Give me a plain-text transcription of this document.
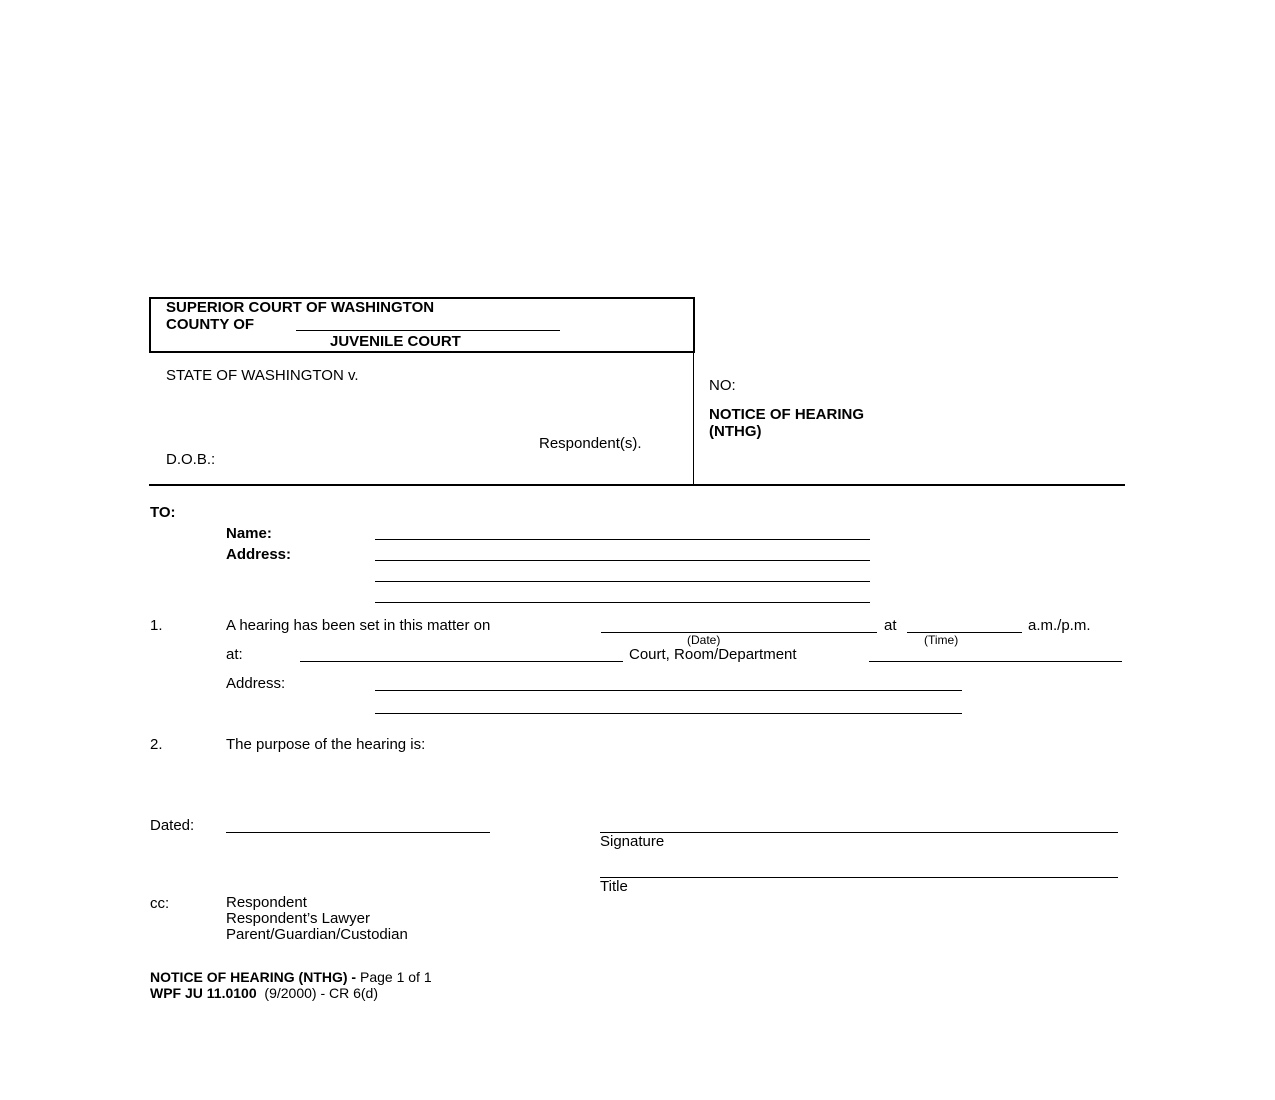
SUPERIOR COURT OF WASHINGTON
COUNTY OF
JUVENILE COURT
STATE OF WASHINGTON v.
Respondent(s).
D.O.B.:
NO:
NOTICE OF HEARING
(NTHG)
TO:
Name:
Address:
1.	A hearing has been set in this matter on	at	a.m./p.m.
(Date)	(Time)
at:	Court, Room/Department
Address:
2.	The purpose of the hearing is:
Dated:
Signature
Title
cc:	Respondent
Respondent’s Lawyer
Parent/Guardian/Custodian
NOTICE OF HEARING (NTHG) - Page 1 of 1
WPF JU 11.0100  (9/2000) - CR 6(d)
